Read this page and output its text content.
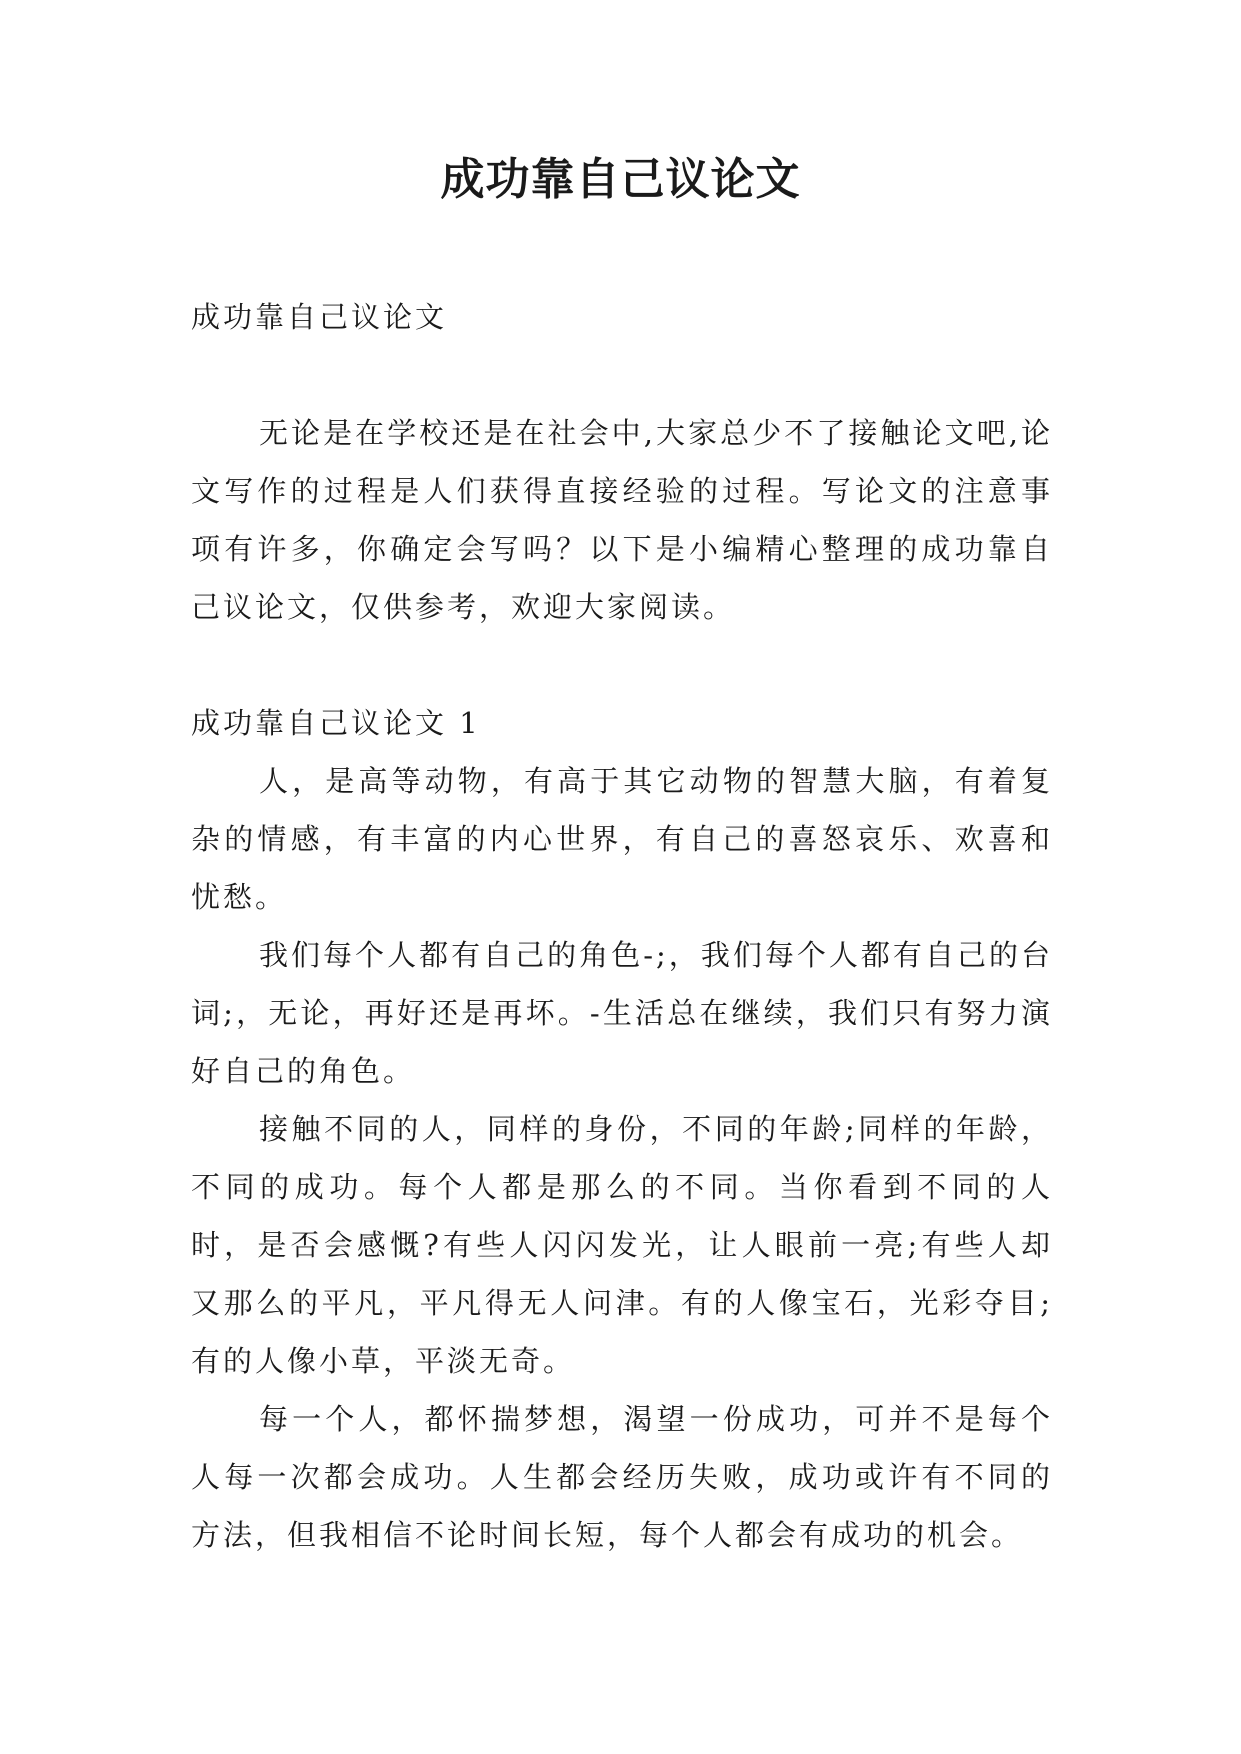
成功靠自己议论文

成功靠自己议论文

无论是在学校还是在社会中,大家总少不了接触论文吧,论文写作的过程是人们获得直接经验的过程。写论文的注意事项有许多，你确定会写吗？以下是小编精心整理的成功靠自己议论文，仅供参考，欢迎大家阅读。

成功靠自己议论文 1

人，是高等动物，有高于其它动物的智慧大脑，有着复杂的情感，有丰富的内心世界，有自己的喜怒哀乐、欢喜和忧愁。

我们每个人都有自己的角色-;，我们每个人都有自己的台词;，无论，再好还是再坏。-生活总在继续，我们只有努力演好自己的角色。

接触不同的人，同样的身份，不同的年龄;同样的年龄，不同的成功。每个人都是那么的不同。当你看到不同的人时，是否会感慨?有些人闪闪发光，让人眼前一亮;有些人却又那么的平凡，平凡得无人问津。有的人像宝石，光彩夺目;有的人像小草，平淡无奇。

每一个人，都怀揣梦想，渴望一份成功，可并不是每个人每一次都会成功。人生都会经历失败，成功或许有不同的方法，但我相信不论时间长短，每个人都会有成功的机会。
